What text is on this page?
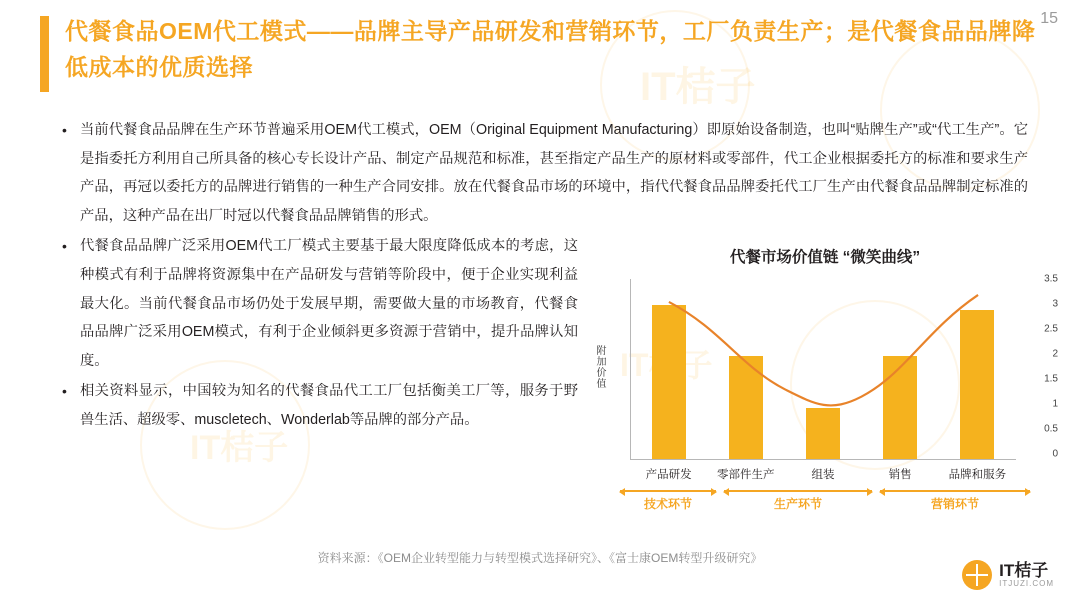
IT桔子
IT桔子
15
代餐食品OEM代工模式——品牌主导产品研发和营销环节，工厂负责生产；是代餐食品品牌降低成本的优质选择
• 当前代餐食品品牌在生产环节普遍采用OEM代工模式，OEM（Original Equipment Manufacturing）即原始设备制造，也叫“贴牌生产”或“代工生产”。它是指委托方利用自己所具备的核心专长设计产品、制定产品规范和标准，甚至指定产品生产的原材料或零部件，代工企业根据委托方的标准和要求生产产品，再冠以委托方的品牌进行销售的一种生产合同安排。放在代餐食品市场的环境中，指代代餐食品品牌委托代工厂生产由代餐食品品牌制定标准的产品，这种产品在出厂时冠以代餐食品品牌销售的形式。
• 代餐食品品牌广泛采用OEM代工厂模式主要基于最大限度降低成本的考虑，这种模式有利于品牌将资源集中在产品研发与营销等阶段中，便于企业实现利益最大化。当前代餐食品市场仍处于发展早期，需要做大量的市场教育，代餐食品品牌广泛采用OEM模式，有利于企业倾斜更多资源于营销中，提升品牌认知度。
• 相关资料显示，中国较为知名的代餐食品代工工厂包括衡美工厂等，服务于野兽生活、超级零、muscletech、Wonderlab等品牌的部分产品。
代餐市场价值链 “微笑曲线”
附加价值
3.5
3
2.5
2
1.5
1
0.5
0
产品研发	零部件生产	组装	销售	品牌和服务
技术环节	生产环节	营销环节
资料来源：《OEM企业转型能力与转型模式选择研究》、《富士康OEM转型升级研究》
IT桔子
ITJUZI.COM
